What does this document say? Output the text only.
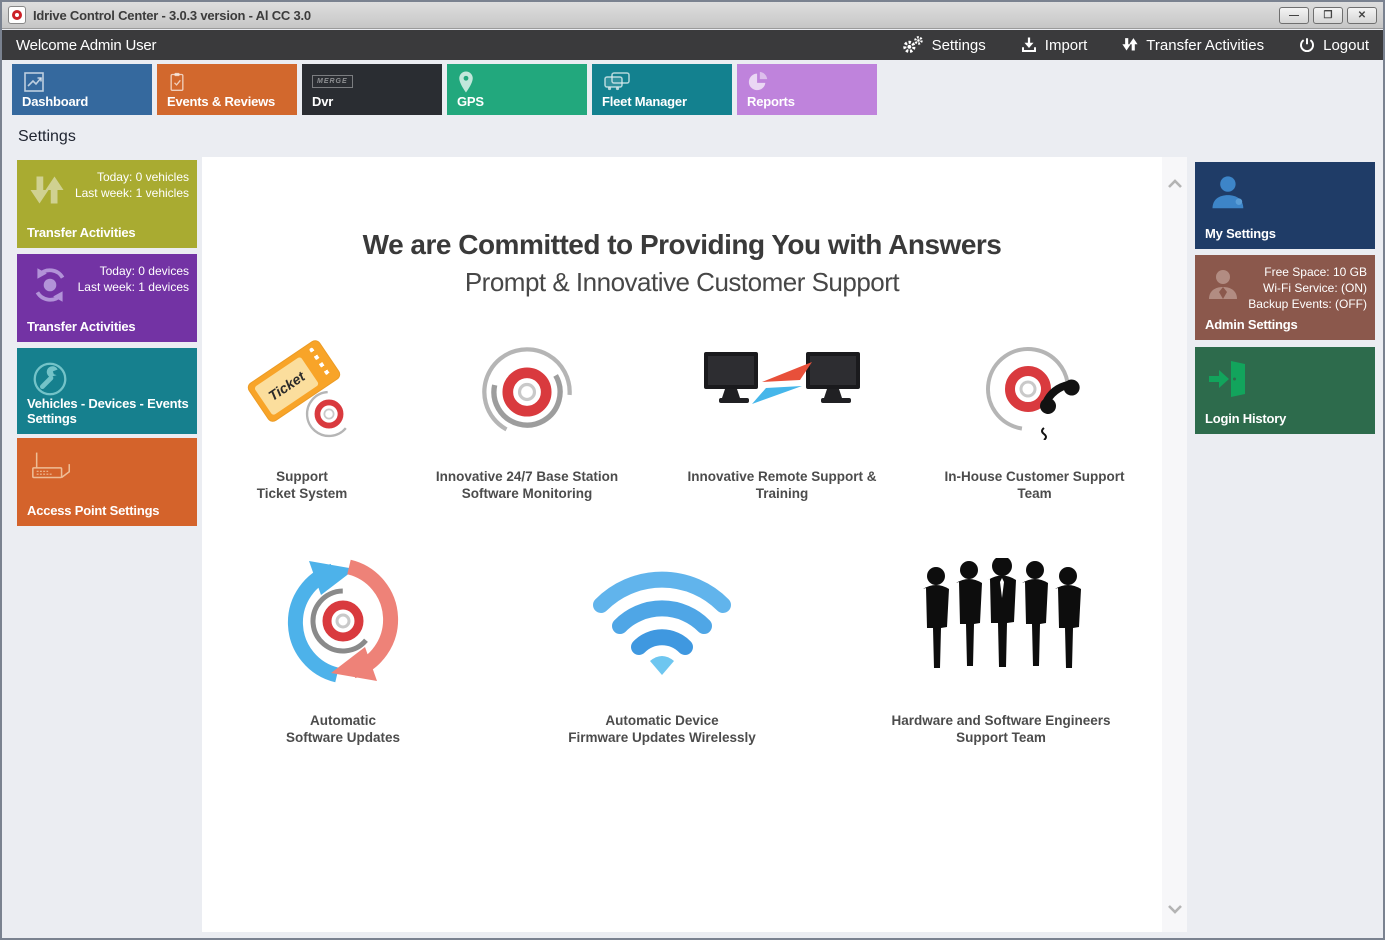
Idrive Control Center - 3.0.3 version - Al CC 3.0	—	❐	✕
Welcome Admin User	Settings	Import	Transfer Activities	Logout
Dashboard	Events & Reviews
MERGE
Dvr	GPS	Fleet Manager	Reports
Settings
Today: 0 vehicles
Last week: 1 vehicles
Transfer Activities
Today: 0 devices
Last week: 1 devices
Transfer Activities
Vehicles - Devices - Events Settings
Access Point Settings
My Settings
Free Space: 10 GB
Wi-Fi Service: (ON)
Backup Events: (OFF)
Admin Settings
Login History
We are Committed to Providing You with Answers
Prompt & Innovative Customer Support
Ticket
Support
Ticket System
Innovative 24/7 Base Station
Software Monitoring
Innovative Remote Support &
Training
In-House Customer Support
Team
Automatic
Software Updates
Automatic Device
Firmware Updates Wirelessly
Hardware and Software Engineers
Support Team
